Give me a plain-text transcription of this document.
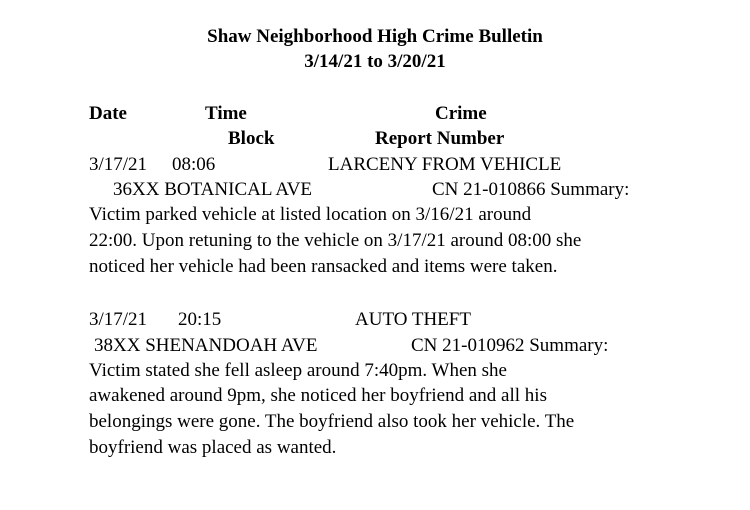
Shaw Neighborhood High Crime Bulletin
3/14/21 to 3/20/21
Date	Time	Crime
Block	Report Number
3/17/21 08:06	LARCENY FROM VEHICLE
36XX BOTANICAL AVE	CN 21-010866 Summary:
Victim parked vehicle at listed location on 3/16/21 around
22:00. Upon retuning to the vehicle on 3/17/21 around 08:00 she
noticed her vehicle had been ransacked and items were taken.
3/17/21 20:15	AUTO THEFT
38XX SHENANDOAH AVE	CN 21-010962 Summary:
Victim stated she fell asleep around 7:40pm. When she
awakened around 9pm, she noticed her boyfriend and all his
belongings were gone. The boyfriend also took her vehicle. The
boyfriend was placed as wanted.
